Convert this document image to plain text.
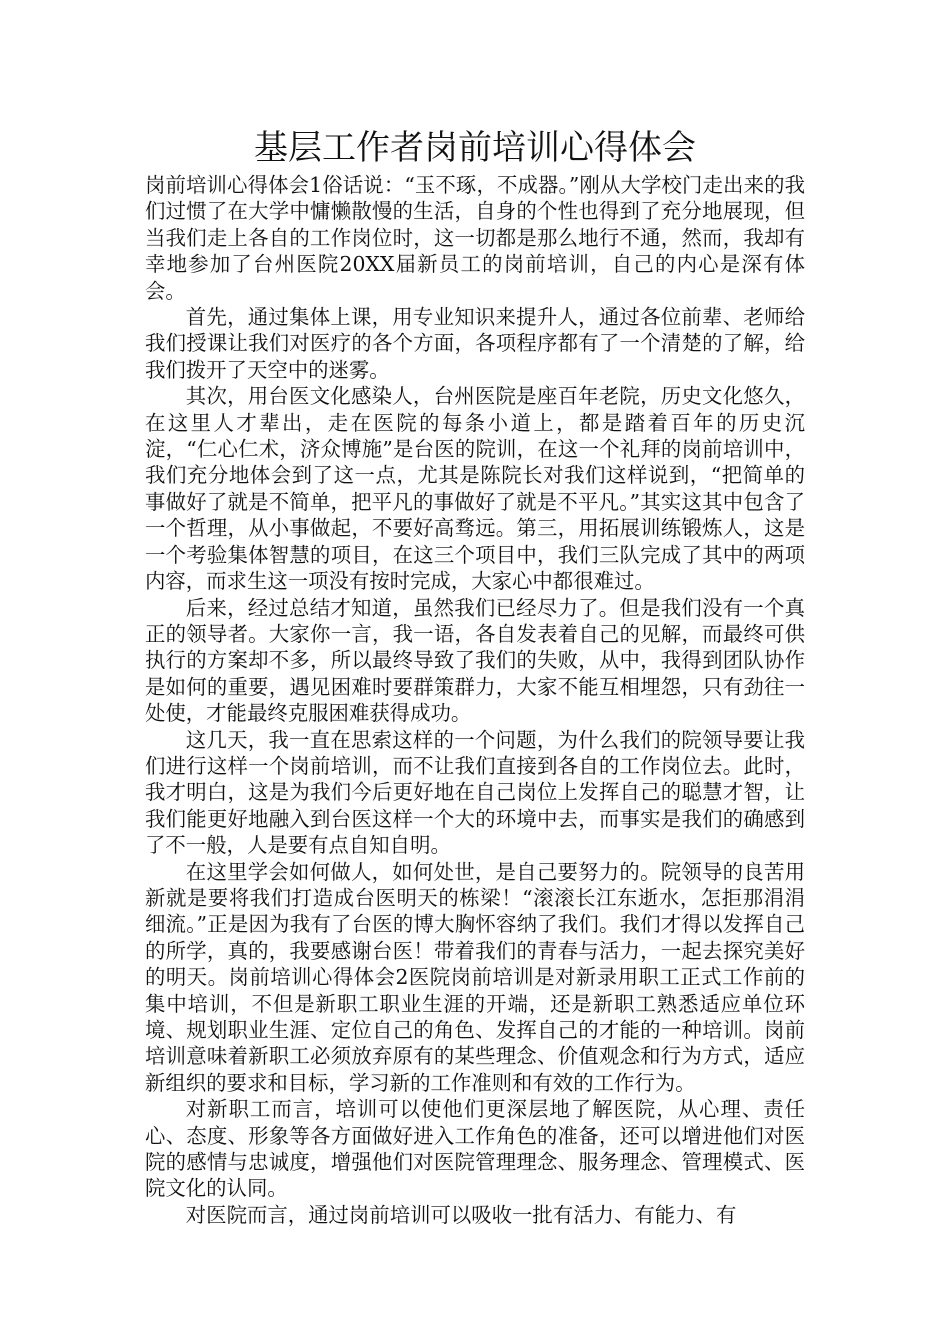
基层工作者岗前培训心得体会

岗前培训心得体会1俗话说：“玉不琢，不成器。”刚从大学校门走出来的我们过惯了在大学中慵懒散慢的生活，自身的个性也得到了充分地展现，但当我们走上各自的工作岗位时，这一切都是那么地行不通，然而，我却有幸地参加了台州医院20XX届新员工的岗前培训，自己的内心是深有体会。

首先，通过集体上课，用专业知识来提升人，通过各位前辈、老师给我们授课让我们对医疗的各个方面，各项程序都有了一个清楚的了解，给我们拨开了天空中的迷雾。

其次，用台医文化感染人，台州医院是座百年老院，历史文化悠久，在这里人才辈出，走在医院的每条小道上，都是踏着百年的历史沉淀，“仁心仁术，济众博施”是台医的院训，在这一个礼拜的岗前培训中，我们充分地体会到了这一点，尤其是陈院长对我们这样说到，“把简单的事做好了就是不简单，把平凡的事做好了就是不平凡。”其实这其中包含了一个哲理，从小事做起，不要好高骛远。第三，用拓展训练锻炼人，这是一个考验集体智慧的项目，在这三个项目中，我们三队完成了其中的两项内容，而求生这一项没有按时完成，大家心中都很难过。

后来，经过总结才知道，虽然我们已经尽力了。但是我们没有一个真正的领导者。大家你一言，我一语，各自发表着自己的见解，而最终可供执行的方案却不多，所以最终导致了我们的失败，从中，我得到团队协作是如何的重要，遇见困难时要群策群力，大家不能互相埋怨，只有劲往一处使，才能最终克服困难获得成功。

这几天，我一直在思索这样的一个问题，为什么我们的院领导要让我们进行这样一个岗前培训，而不让我们直接到各自的工作岗位去。此时，我才明白，这是为我们今后更好地在自己岗位上发挥自己的聪慧才智，让我们能更好地融入到台医这样一个大的环境中去，而事实是我们的确感到了不一般，人是要有点自知自明。

在这里学会如何做人，如何处世，是自己要努力的。院领导的良苦用新就是要将我们打造成台医明天的栋梁！“滚滚长江东逝水，怎拒那涓涓细流。”正是因为我有了台医的博大胸怀容纳了我们。我们才得以发挥自己的所学，真的，我要感谢台医！带着我们的青春与活力，一起去探究美好的明天。岗前培训心得体会2医院岗前培训是对新录用职工正式工作前的集中培训，不但是新职工职业生涯的开端，还是新职工熟悉适应单位环境、规划职业生涯、定位自己的角色、发挥自己的才能的一种培训。岗前培训意味着新职工必须放弃原有的某些理念、价值观念和行为方式，适应新组织的要求和目标，学习新的工作准则和有效的工作行为。

对新职工而言，培训可以使他们更深层地了解医院，从心理、责任心、态度、形象等各方面做好进入工作角色的准备，还可以增进他们对医院的感情与忠诚度，增强他们对医院管理理念、服务理念、管理模式、医院文化的认同。

对医院而言，通过岗前培训可以吸收一批有活力、有能力、有
